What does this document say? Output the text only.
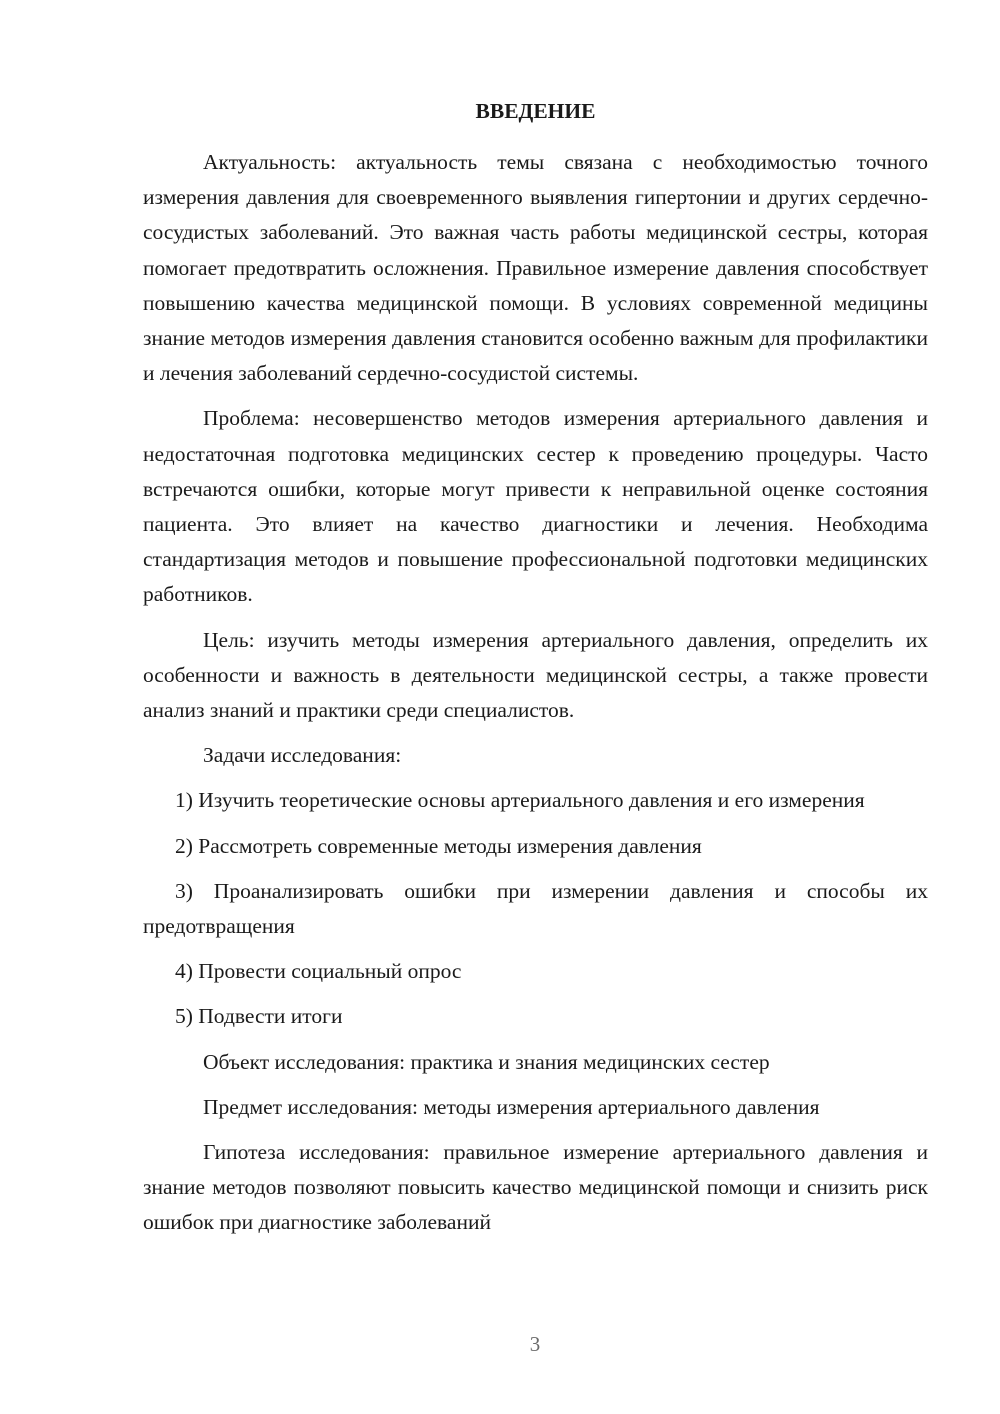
ВВЕДЕНИЕ

Актуальность: актуальность темы связана с необходимостью точного измерения давления для своевременного выявления гипертонии и других сердечно-сосудистых заболеваний. Это важная часть работы медицинской сестры, которая помогает предотвратить осложнения. Правильное измерение давления способствует повышению качества медицинской помощи. В условиях современной медицины знание методов измерения давления становится особенно важным для профилактики и лечения заболеваний сердечно-сосудистой системы.

Проблема: несовершенство методов измерения артериального давления и недостаточная подготовка медицинских сестер к проведению процедуры. Часто встречаются ошибки, которые могут привести к неправильной оценке состояния пациента. Это влияет на качество диагностики и лечения. Необходима стандартизация методов и повышение профессиональной подготовки медицинских работников.

Цель: изучить методы измерения артериального давления, определить их особенности и важность в деятельности медицинской сестры, а также провести анализ знаний и практики среди специалистов.

Задачи исследования:

1) Изучить теоретические основы артериального давления и его измерения

2) Рассмотреть современные методы измерения давления

3) Проанализировать ошибки при измерении давления и способы их предотвращения

4) Провести социальный опрос

5) Подвести итоги

Объект исследования: практика и знания медицинских сестер

Предмет исследования: методы измерения артериального давления

Гипотеза исследования: правильное измерение артериального давления и знание методов позволяют повысить качество медицинской помощи и снизить риск ошибок при диагностике заболеваний

3
